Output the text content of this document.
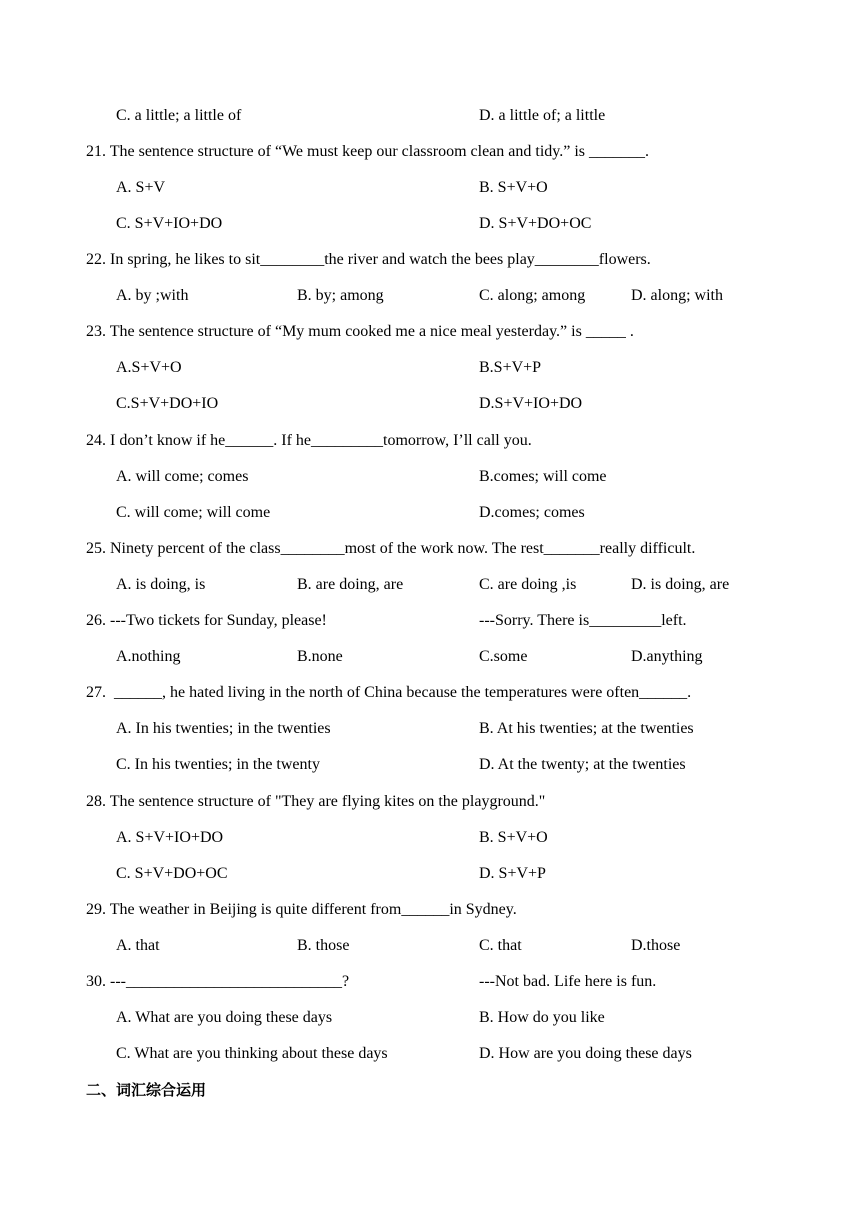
C. a little; a little of	D. a little of; a little
21. The sentence structure of “We must keep our classroom clean and tidy.” is _______.
A. S+V	B. S+V+O
C. S+V+IO+DO	D. S+V+DO+OC
22. In spring, he likes to sit________the river and watch the bees play________flowers.
A. by ;with	B. by; among	C. along; among	D. along; with
23. The sentence structure of “My mum cooked me a nice meal yesterday.” is _____ .
A.S+V+O	B.S+V+P
C.S+V+DO+IO	D.S+V+IO+DO
24. I don’t know if he______. If he_________tomorrow, I’ll call you.
A. will come; comes	B.comes; will come
C. will come; will come	D.comes; comes
25. Ninety percent of the class________most of the work now. The rest_______really difficult.
A. is doing, is	B. are doing, are	C. are doing ,is	D. is doing, are
26. ---Two tickets for Sunday, please!	---Sorry. There is_________left.
A.nothing	B.none	C.some	D.anything
27.  ______, he hated living in the north of China because the temperatures were often______.
A. In his twenties; in the twenties	B. At his twenties; at the twenties
C. In his twenties; in the twenty	D. At the twenty; at the twenties
28. The sentence structure of "They are flying kites on the playground."
A. S+V+IO+DO	B. S+V+O
C. S+V+DO+OC	D. S+V+P
29. The weather in Beijing is quite different from______in Sydney.
A. that	B. those	C. that	D.those
30. ---___________________________?	---Not bad. Life here is fun.
A. What are you doing these days	B. How do you like
C. What are you thinking about these days	D. How are you doing these days
二、词汇综合运用
